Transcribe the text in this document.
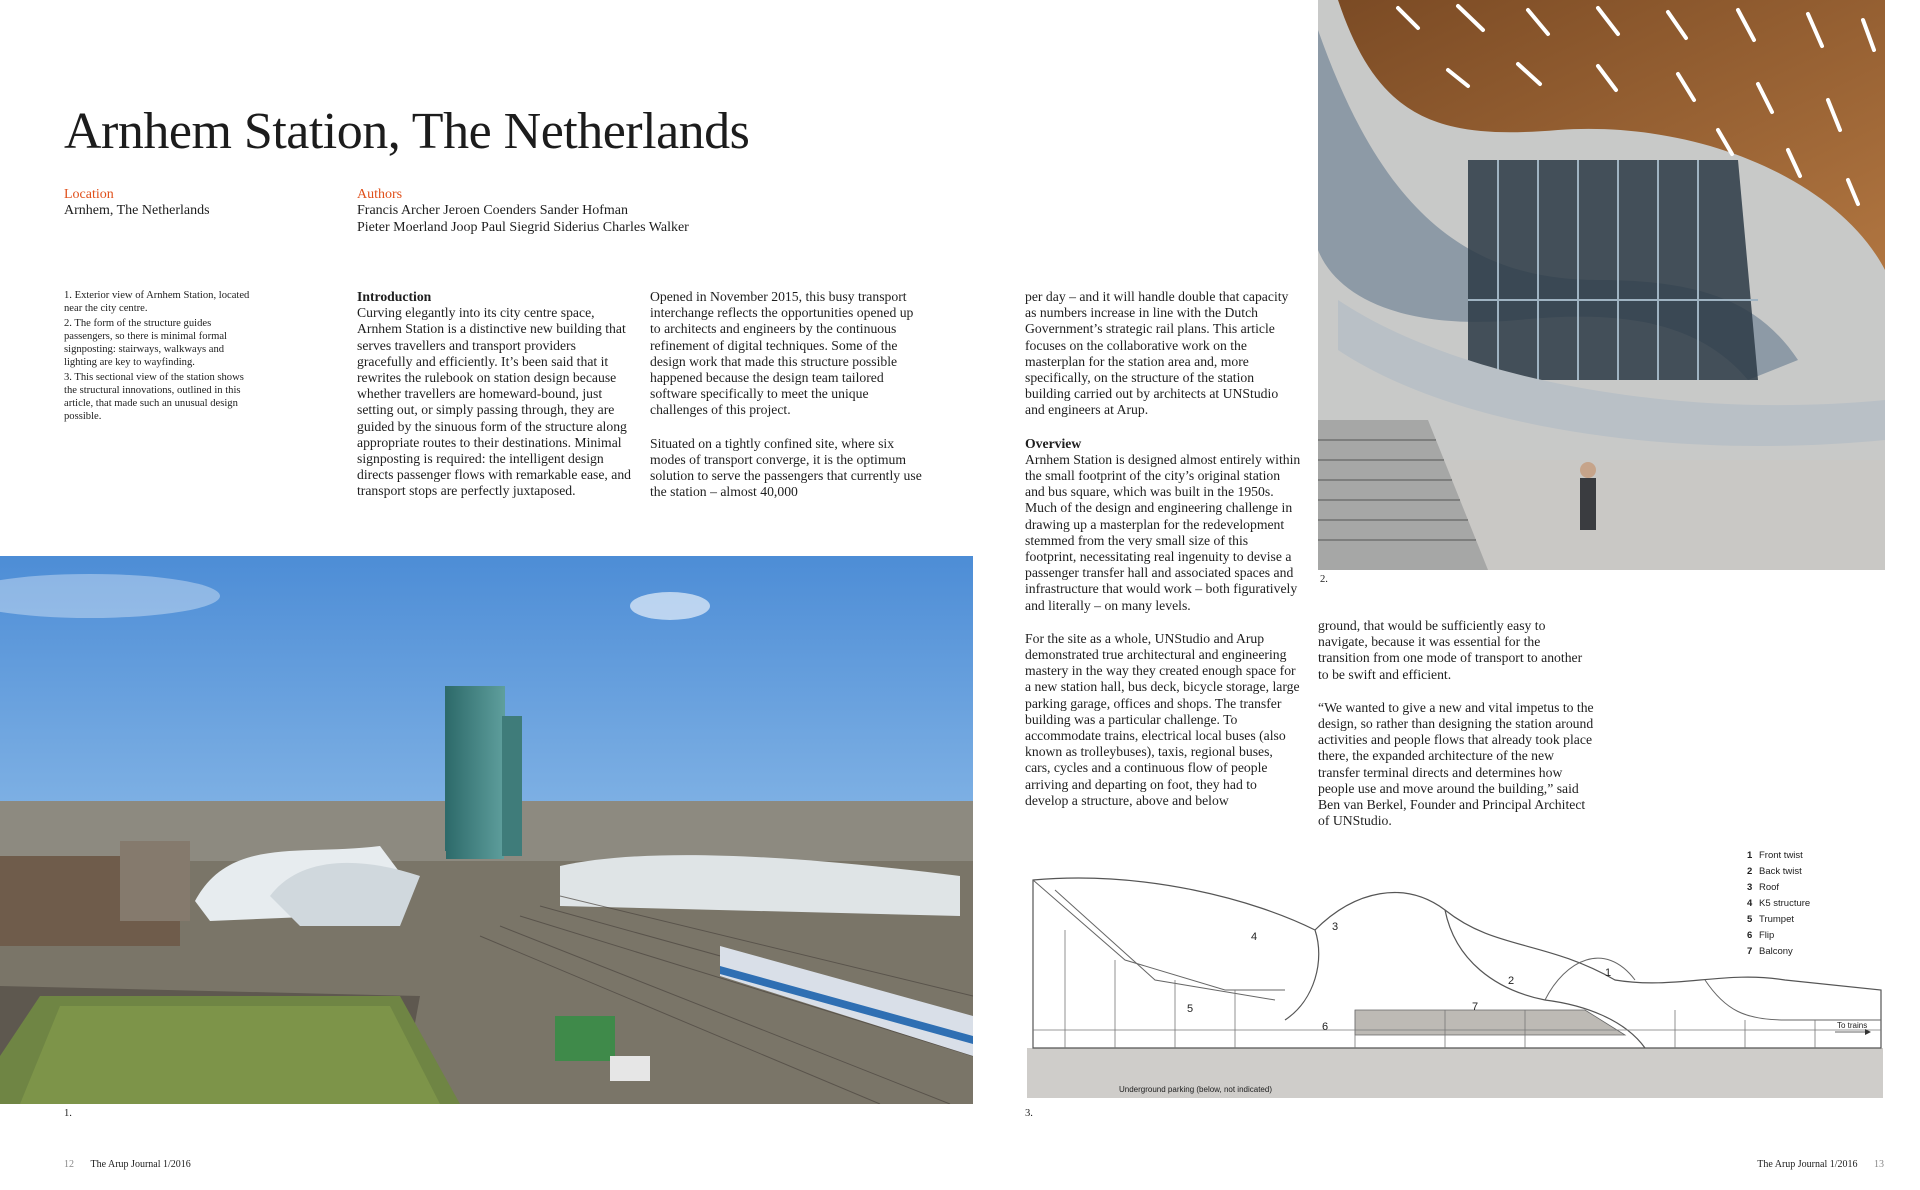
Arnhem Station, The Netherlands
Location
Arnhem, The Netherlands
Authors
Francis Archer Jeroen Coenders Sander Hofman
Pieter Moerland Joop Paul Siegrid Siderius Charles Walker

1. Exterior view of Arnhem Station, located near the city centre.

2. The form of the structure guides passengers, so there is minimal formal signposting: stairways, walkways and lighting are key to wayfinding.

3. This sectional view of the station shows the structural innovations, outlined in this article, that made such an unusual design possible.

Introduction

Curving elegantly into its city centre space, Arnhem Station is a distinctive new building that serves travellers and transport providers gracefully and efficiently. It’s been said that it rewrites the rulebook on station design because whether travellers are homeward-bound, just setting out, or simply passing through, they are guided by the sinuous form of the structure along appropriate routes to their destinations. Minimal signposting is required: the intelligent design directs passenger flows with remarkable ease, and transport stops are perfectly juxtaposed.

Opened in November 2015, this busy transport interchange reflects the opportunities opened up to architects and engineers by the continuous refinement of digital techniques. Some of the design work that made this structure possible happened because the design team tailored software specifically to meet the unique challenges of this project.

Situated on a tightly confined site, where six modes of transport converge, it is the optimum solution to serve the passengers that currently use the station – almost 40,000

1.
12 The Arup Journal 1/2016

per day – and it will handle double that capacity as numbers increase in line with the Dutch Government’s strategic rail plans. This article focuses on the collaborative work on the masterplan for the station area and, more specifically, on the structure of the station building carried out by architects at UNStudio and engineers at Arup.

Overview

Arnhem Station is designed almost entirely within the small footprint of the city’s original station and bus square, which was built in the 1950s. Much of the design and engineering challenge in drawing up a masterplan for the redevelopment stemmed from the very small size of this footprint, necessitating real ingenuity to devise a passenger transfer hall and associated spaces and infrastructure that would work – both figuratively and literally – on many levels.

For the site as a whole, UNStudio and Arup demonstrated true architectural and engineering mastery in the way they created enough space for a new station hall, bus deck, bicycle storage, large parking garage, offices and shops. The transfer building was a particular challenge. To accommodate trains, electrical local buses (also known as trolleybuses), taxis, regional buses, cars, cycles and a continuous flow of people arriving and departing on foot, they had to develop a structure, above and below

2.

ground, that would be sufficiently easy to navigate, because it was essential for the transition from one mode of transport to another to be swift and efficient.

“We wanted to give a new and vital impetus to the design, so rather than designing the station around activities and people flows that already took place there, the expanded architecture of the new transfer terminal directs and determines how people use and move around the building,” said Ben van Berkel, Founder and Principal Architect of UNStudio.

1
2
3
4
5
6
7
To trains
Underground parking (below, not indicated)
1 Front twist
2 Back twist
3 Roof
4 K5 structure
5 Trumpet
6 Flip
7 Balcony
3.
The Arup Journal 1/2016 13
